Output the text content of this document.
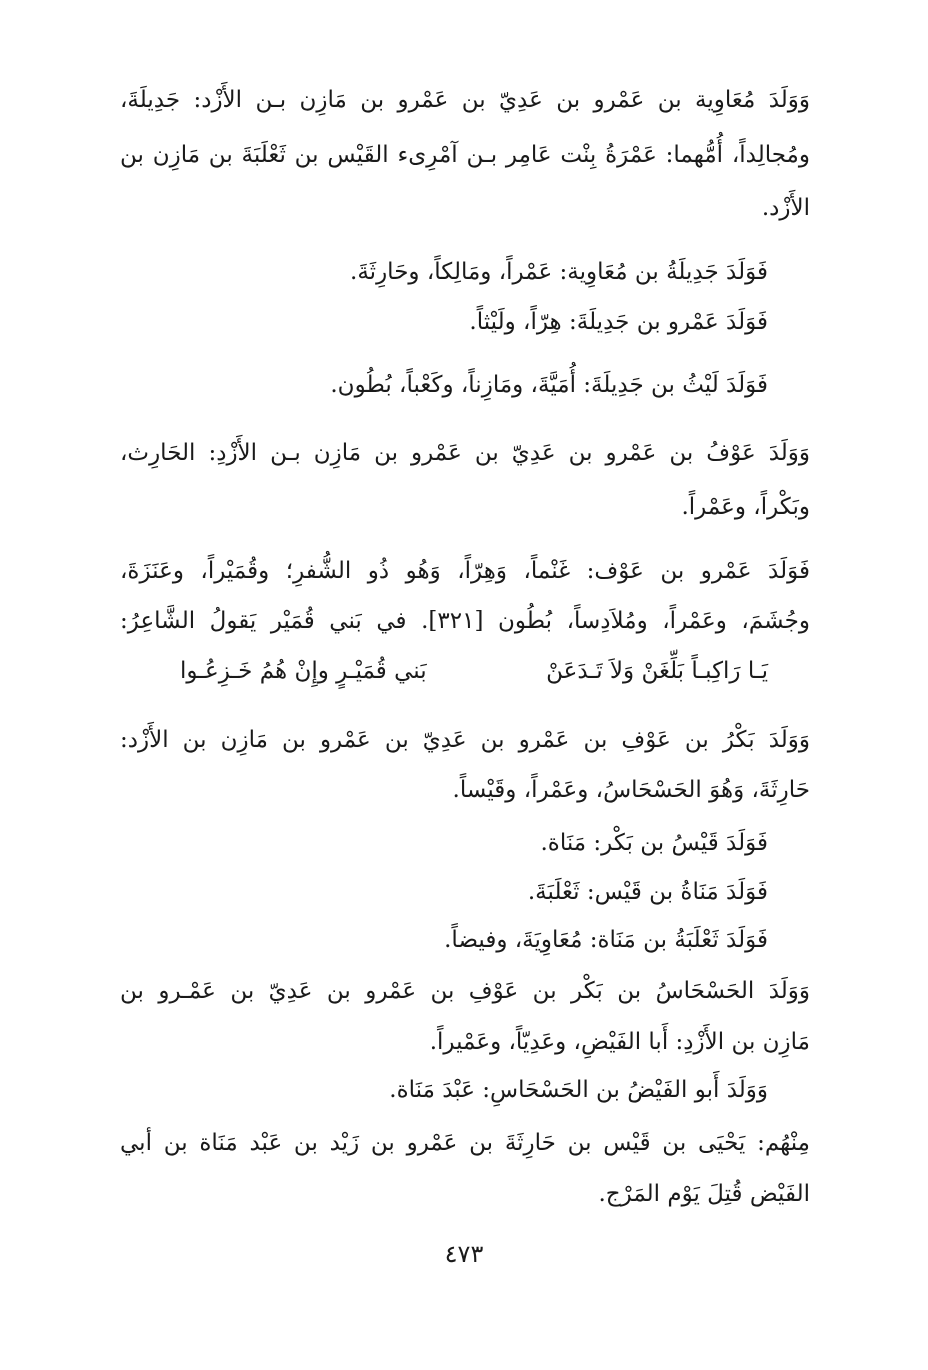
وَوَلَدَ مُعَاوِية بن عَمْرو بن عَدِيّ بن عَمْرو بن مَازِن بـن الأَزْد: جَدِيلَةَ،
ومُجالِداً، أُمُّهما: عَمْرَةُ بِنْت عَامِر بـن آمْرِىء القَيْس بن ثَعْلَبَةَ بن مَازِن بن
الأَزْد.
فَوَلَدَ جَدِيلَةُ بن مُعَاوِية: عَمْراً، ومَالِكاً، وحَارِثَةَ.
فَوَلَدَ عَمْرو بن جَدِيلَةَ: هِرّاً، ولَيْثاً.
فَوَلَدَ لَيْثُ بن جَدِيلَةَ: أُمَيَّةَ، ومَازِناً، وكَعْباً، بُطُون.
وَوَلَدَ عَوْفُ بن عَمْرو بن عَدِيّ بن عَمْرو بن مَازِن بـن الأَزْدِ: الحَارِث،
وبَكْراً، وعَمْراً.
فَوَلَدَ عَمْرو بن عَوْف: غَنْماً، وَهِرّاً، وَهُو ذُو الشُّفرِ؛ وقُمَيْراً، وعَنَزَةَ،
وجُشَمَ، وعَمْراً، ومُلاَدِساً، بُطُون [٣٢١]. في بَني قُمَيْر يَقولُ الشَّاعِرُ:
يَـا رَاكِبـاً بَلِّغَنْ وَلاَ تَـدَعَنْ
بَني قُمَيْـرٍ وإِنْ هُمُ خَـزِعُـوا
وَوَلَدَ بَكْرُ بن عَوْفِ بن عَمْرو بن عَدِيّ بن عَمْرو بن مَازِن بن الأَزْد:
حَارِثَةَ، وَهُوَ الحَسْحَاسُ، وعَمْراً، وقَيْساً.
فَوَلَدَ قَيْسُ بن بَكْر: مَنَاة.
فَوَلَدَ مَنَاةُ بن قَيْس: ثَعْلَبَةَ.
فَوَلَدَ ثَعْلَبَةُ بن مَنَاة: مُعَاوِيَةَ، وفيضاً.
وَوَلَدَ الحَسْحَاسُ بن بَكْر بن عَوْفِ بن عَمْرو بن عَدِيّ بن عَمْـرو بن
مَازِن بن الأَزْدِ: أَبا الفَيْضِ، وعَدِيّاً، وعَمْيراً.
وَوَلَدَ أَبو الفَيْضُ بن الحَسْحَاسِ: عَبْدَ مَنَاة.
مِنْهُم: يَحْيَى بن قَيْس بن حَارِثَةَ بن عَمْرو بن زَيْد بن عَبْد مَنَاة بن أبي
الفَيْض قُتِلَ يَوْم المَرْج.
٤٧٣
